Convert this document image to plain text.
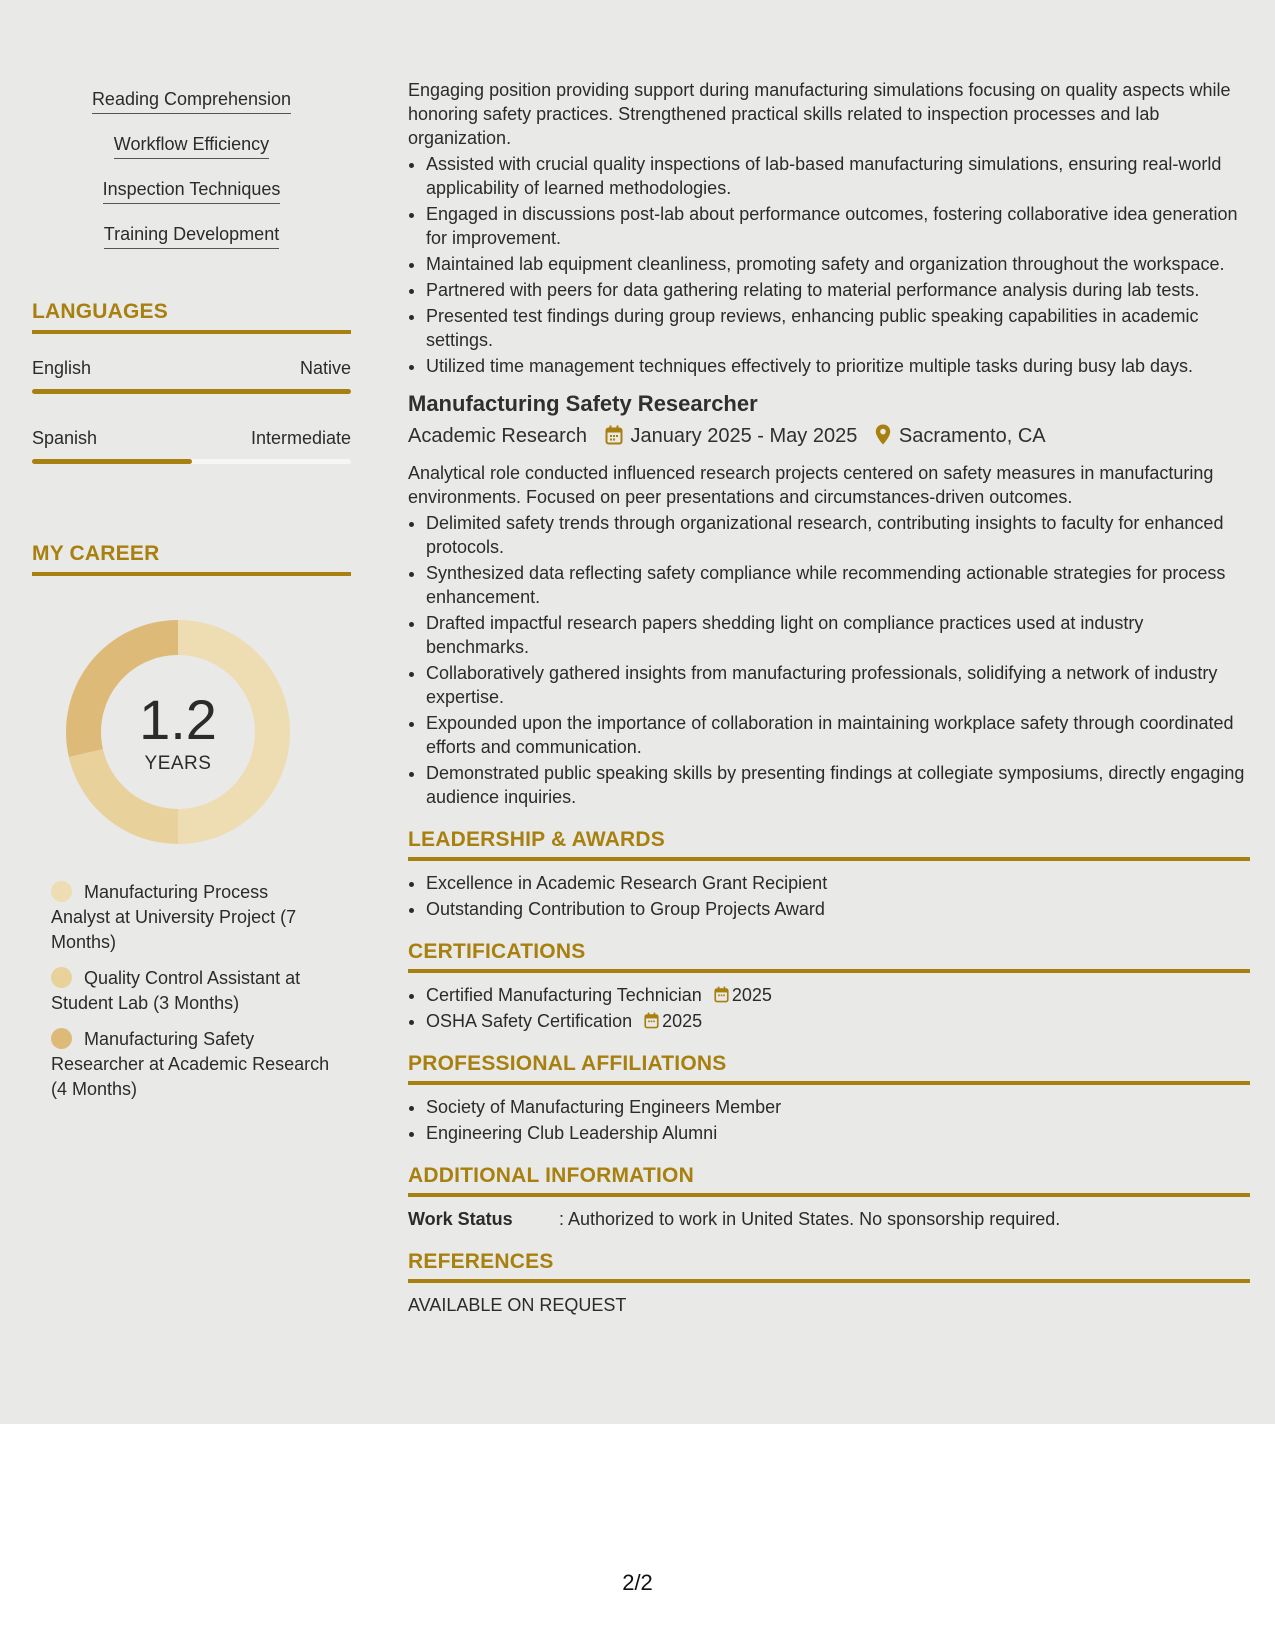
Reading Comprehension
Workflow Efficiency
Inspection Techniques
Training Development
LANGUAGES
English	Native
Spanish	Intermediate
MY CAREER
1.2
YEARS
Manufacturing Process Analyst at University Project (7 Months)
Quality Control Assistant at Student Lab (3 Months)
Manufacturing Safety Researcher at Academic Research (4 Months)

Engaging position providing support during manufacturing simulations focusing on quality aspects while honoring safety practices. Strengthened practical skills related to inspection processes and lab organization.

• Assisted with crucial quality inspections of lab-based manufacturing simulations, ensuring real-world applicability of learned methodologies.
• Engaged in discussions post-lab about performance outcomes, fostering collaborative idea generation for improvement.
• Maintained lab equipment cleanliness, promoting safety and organization throughout the workspace.
• Partnered with peers for data gathering relating to material performance analysis during lab tests.
• Presented test findings during group reviews, enhancing public speaking capabilities in academic settings.
• Utilized time management techniques effectively to prioritize multiple tasks during busy lab days.
Manufacturing Safety Researcher
Academic Research January 2025 - May 2025 Sacramento, CA

Analytical role conducted influenced research projects centered on safety measures in manufacturing environments. Focused on peer presentations and circumstances-driven outcomes.

• Delimited safety trends through organizational research, contributing insights to faculty for enhanced protocols.
• Synthesized data reflecting safety compliance while recommending actionable strategies for process enhancement.
• Drafted impactful research papers shedding light on compliance practices used at industry benchmarks.
• Collaboratively gathered insights from manufacturing professionals, solidifying a network of industry expertise.
• Expounded upon the importance of collaboration in maintaining workplace safety through coordinated efforts and communication.
• Demonstrated public speaking skills by presenting findings at collegiate symposiums, directly engaging audience inquiries.
LEADERSHIP & AWARDS
• Excellence in Academic Research Grant Recipient
• Outstanding Contribution to Group Projects Award
CERTIFICATIONS
• Certified Manufacturing Technician 2025
• OSHA Safety Certification 2025
PROFESSIONAL AFFILIATIONS
• Society of Manufacturing Engineers Member
• Engineering Club Leadership Alumni
ADDITIONAL INFORMATION
Work Status	: Authorized to work in United States. No sponsorship required.
REFERENCES
AVAILABLE ON REQUEST
2/2
